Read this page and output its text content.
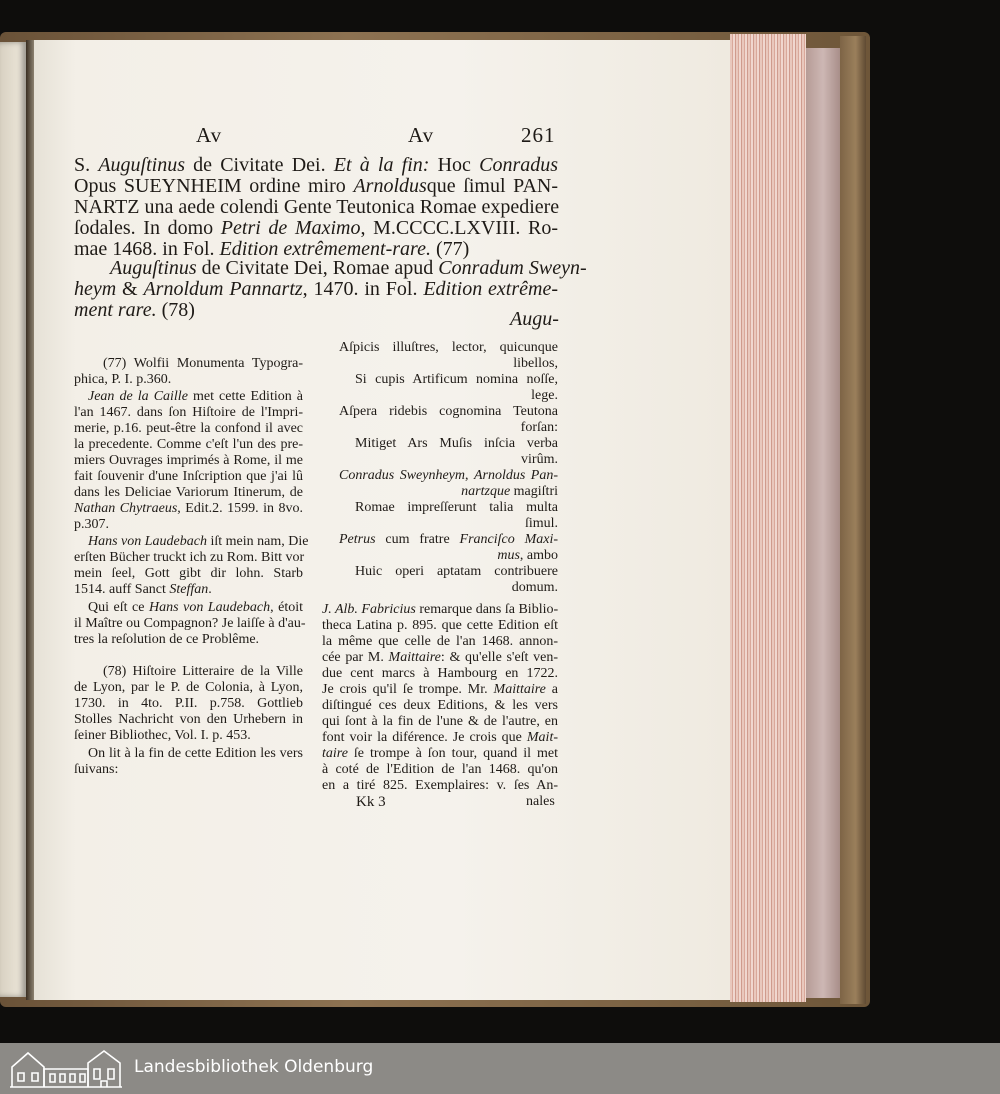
Av	Av	261
S. Auguſtinus de Civitate Dei. Et à la fin: Hoc Conradus
Opus SUEYNHEIM ordine miro Arnoldusque ſimul PAN-
NARTZ una aede colendi Gente Teutonica Romae expediere
ſodales. In domo Petri de Maximo, M.CCCC.LXVIII. Ro-
mae 1468. in Fol. Edition extrêmement-rare. (77)
Auguſtinus de Civitate Dei, Romae apud Conradum Sweyn-
heym & Arnoldum Pannartz, 1470. in Fol. Edition extrême-
ment rare. (78)	Augu-
(77) Wolfii Monumenta Typogra-
phica, P. I. p.360.
Jean de la Caille met cette Edition à
l'an 1467. dans ſon Hiſtoire de l'Impri-
merie, p.16. peut-être la confond il avec
la precedente. Comme c'eſt l'un des pre-
miers Ouvrages imprimés à Rome, il me
fait ſouvenir d'une Inſcription que j'ai lû
dans les Deliciae Variorum Itinerum, de
Nathan Chytraeus, Edit.2. 1599. in 8vo.
p.307.
Hans von Laudebach iſt mein nam, Die
erſten Bücher truckt ich zu Rom. Bitt vor
mein ſeel, Gott gibt dir lohn. Starb
1514. auff Sanct Steffan.
Qui eſt ce Hans von Laudebach, étoit
il Maître ou Compagnon? Je laiſſe à d'au-
tres la reſolution de ce Problême.
(78) Hiſtoire Litteraire de la Ville
de Lyon, par le P. de Colonia, à Lyon,
1730. in 4to. P.II. p.758. Gottlieb
Stolles Nachricht von den Urhebern in
ſeiner Bibliothec, Vol. I. p. 453.
On lit à la fin de cette Edition les vers
ſuivans:
Aſpicis illuſtres, lector, quicunque
libellos,
Si cupis Artificum nomina noſſe,
lege.
Aſpera ridebis cognomina Teutona
forſan:
Mitiget Ars Muſis inſcia verba
virûm.
Conradus Sweynheym, Arnoldus Pan-
nartzque magiſtri
Romae impreſſerunt talia multa
ſimul.
Petrus cum fratre Franciſco Maxi-
mus, ambo
Huic operi aptatam contribuere
domum.
J. Alb. Fabricius remarque dans ſa Biblio-
theca Latina p. 895. que cette Edition eſt
la même que celle de l'an 1468. annon-
cée par M. Maittaire: & qu'elle s'eſt ven-
due cent marcs à Hambourg en 1722.
Je crois qu'il ſe trompe. Mr. Maittaire a
diſtingué ces deux Editions, & les vers
qui ſont à la fin de l'une & de l'autre, en
font voir la diférence. Je crois que Mait-
taire ſe trompe à ſon tour, quand il met
à coté de l'Edition de l'an 1468. qu'on
en a tiré 825. Exemplaires: v. ſes An-
Kk 3	nales
Landesbibliothek Oldenburg
